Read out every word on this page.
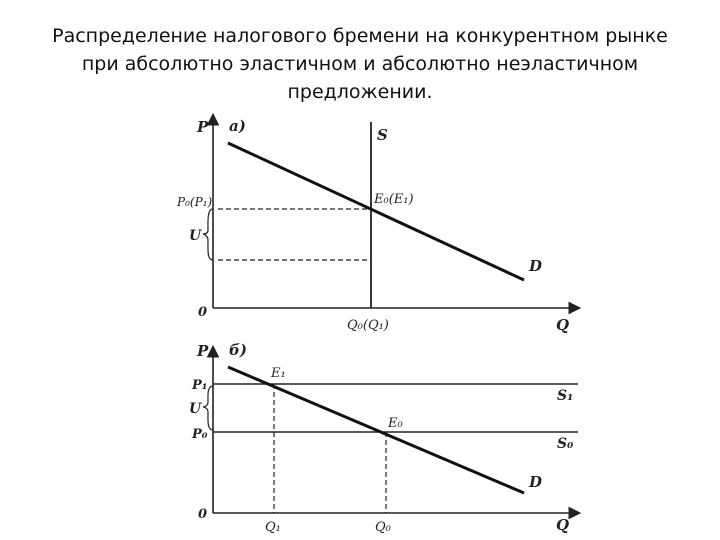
Распределение налогового бремени на конкурентном рынке
при абсолютно эластичном и абсолютно неэластичном
предложении.
P а)	S
E₀(E₁)
P₀(P₁)
U
D
0
Q₀(Q₁)	Q
P б)
E₁
P₁
U
P₀
E₀
S₁
S₀
D
0
Q₁	Q₀	Q
